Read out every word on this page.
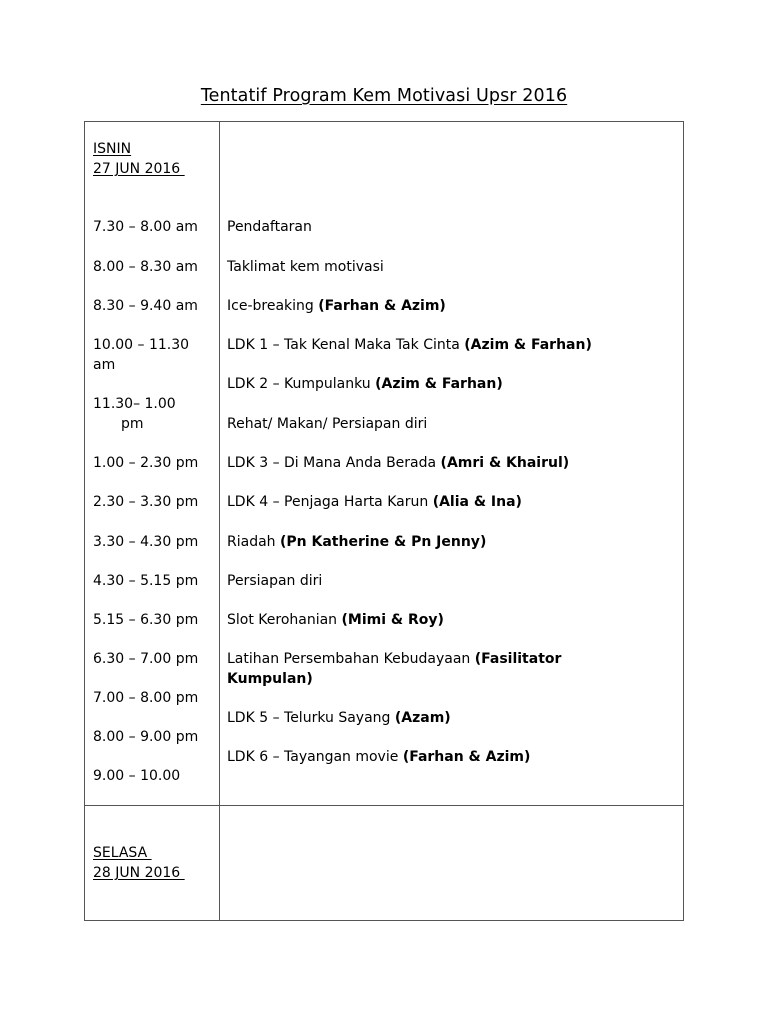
Tentatif Program Kem Motivasi Upsr 2016
ISNIN
27 JUN 2016
7.30 – 8.00 am
8.00 – 8.30 am
8.30 – 9.40 am
10.00 – 11.30
am
11.30– 1.00
pm
1.00 – 2.30 pm
2.30 – 3.30 pm
3.30 – 4.30 pm
4.30 – 5.15 pm
5.15 – 6.30 pm
6.30 – 7.00 pm
7.00 – 8.00 pm
8.00 – 9.00 pm
9.00 – 10.00
Pendaftaran
Taklimat kem motivasi
Ice-breaking (Farhan & Azim)
LDK 1 – Tak Kenal Maka Tak Cinta (Azim & Farhan)
LDK 2 – Kumpulanku (Azim & Farhan)
Rehat/ Makan/ Persiapan diri
LDK 3 – Di Mana Anda Berada (Amri & Khairul)
LDK 4 – Penjaga Harta Karun (Alia & Ina)
Riadah (Pn Katherine & Pn Jenny)
Persiapan diri
Slot Kerohanian (Mimi & Roy)
Latihan Persembahan Kebudayaan (Fasilitator
Kumpulan)
LDK 5 – Telurku Sayang (Azam)
LDK 6 – Tayangan movie (Farhan & Azim)
SELASA
28 JUN 2016
